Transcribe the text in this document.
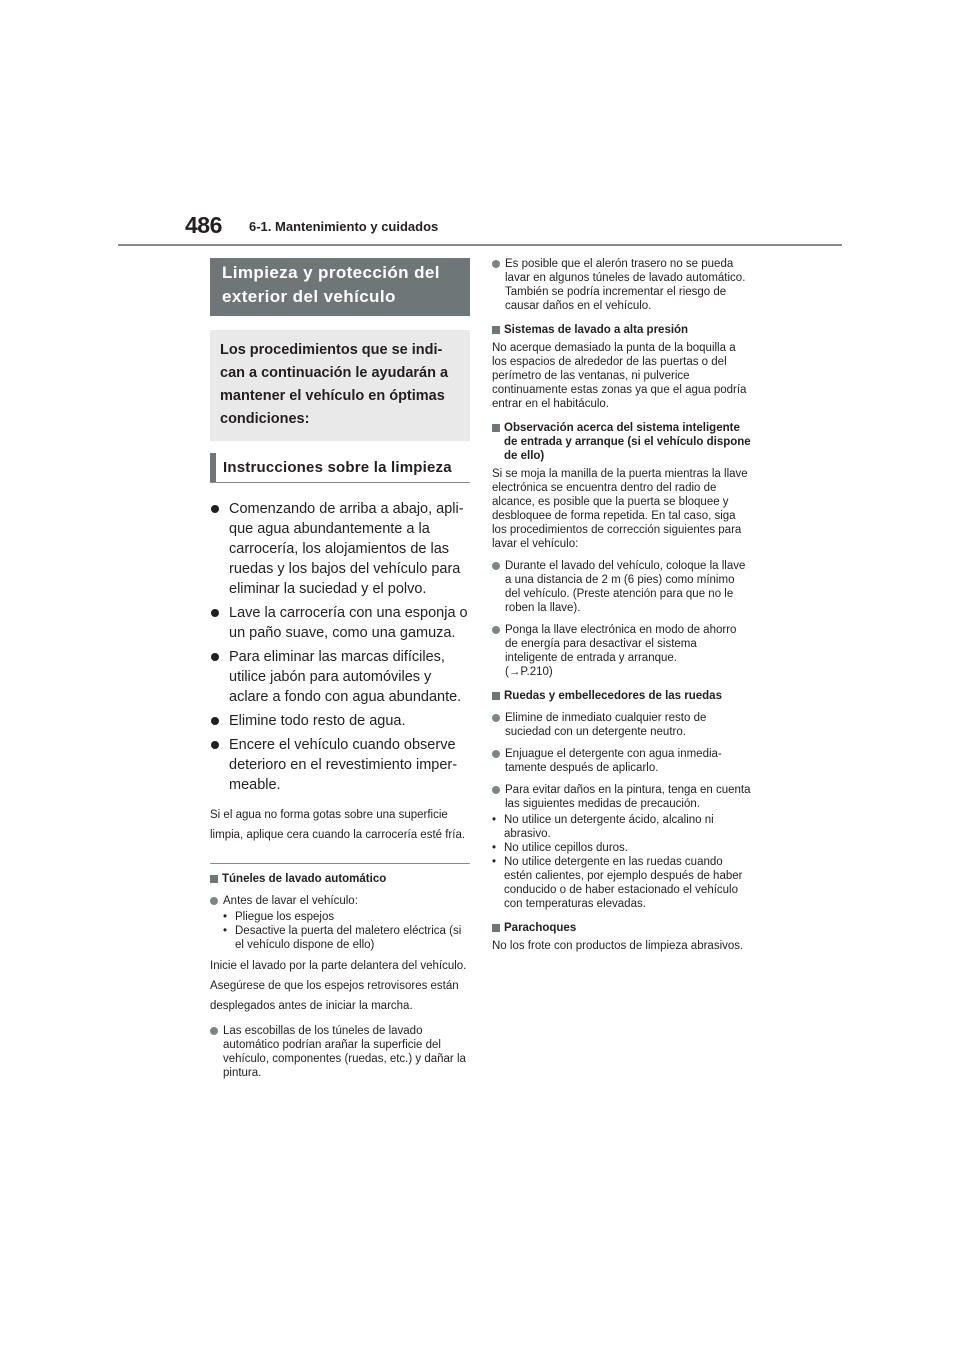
486 6-1. Mantenimiento y cuidados
Limpieza y protección del exterior del vehículo
Los procedimientos que se indican a continuación le ayudarán a mantener el vehículo en óptimas condiciones:
Instrucciones sobre la limpieza
Comenzando de arriba a abajo, aplique agua abundantemente a la carrocería, los alojamientos de las ruedas y los bajos del vehículo para eliminar la suciedad y el polvo.
Lave la carrocería con una esponja o un paño suave, como una gamuza.
Para eliminar las marcas difíciles, utilice jabón para automóviles y aclare a fondo con agua abundante.
Elimine todo resto de agua.
Encere el vehículo cuando observe deterioro en el revestimiento impermeable.
Si el agua no forma gotas sobre una superficie limpia, aplique cera cuando la carrocería esté fría.
Túneles de lavado automático
Antes de lavar el vehículo:
• Pliegue los espejos
• Desactive la puerta del maletero eléctrica (si el vehículo dispone de ello)
Inicie el lavado por la parte delantera del vehículo. Asegúrese de que los espejos retrovisores están desplegados antes de iniciar la marcha.
Las escobillas de los túneles de lavado automático podrían arañar la superficie del vehículo, componentes (ruedas, etc.) y dañar la pintura.
Es posible que el alerón trasero no se pueda lavar en algunos túneles de lavado automático. También se podría incrementar el riesgo de causar daños en el vehículo.
Sistemas de lavado a alta presión
No acerque demasiado la punta de la boquilla a los espacios de alrededor de las puertas o del perímetro de las ventanas, ni pulverice continuamente estas zonas ya que el agua podría entrar en el habitáculo.
Observación acerca del sistema inteligente de entrada y arranque (si el vehículo dispone de ello)
Si se moja la manilla de la puerta mientras la llave electrónica se encuentra dentro del radio de alcance, es posible que la puerta se bloquee y desbloquee de forma repetida. En tal caso, siga los procedimientos de corrección siguientes para lavar el vehículo:
Durante el lavado del vehículo, coloque la llave a una distancia de 2 m (6 pies) como mínimo del vehículo. (Preste atención para que no le roben la llave).
Ponga la llave electrónica en modo de ahorro de energía para desactivar el sistema inteligente de entrada y arranque.
(→P.210)
Ruedas y embellecedores de las ruedas
Elimine de inmediato cualquier resto de suciedad con un detergente neutro.
Enjuague el detergente con agua inmediatamente después de aplicarlo.
Para evitar daños en la pintura, tenga en cuenta las siguientes medidas de precaución.
• No utilice un detergente ácido, alcalino ni abrasivo.
• No utilice cepillos duros.
• No utilice detergente en las ruedas cuando estén calientes, por ejemplo después de haber conducido o de haber estacionado el vehículo con temperaturas elevadas.
Parachoques
No los frote con productos de limpieza abrasivos.
